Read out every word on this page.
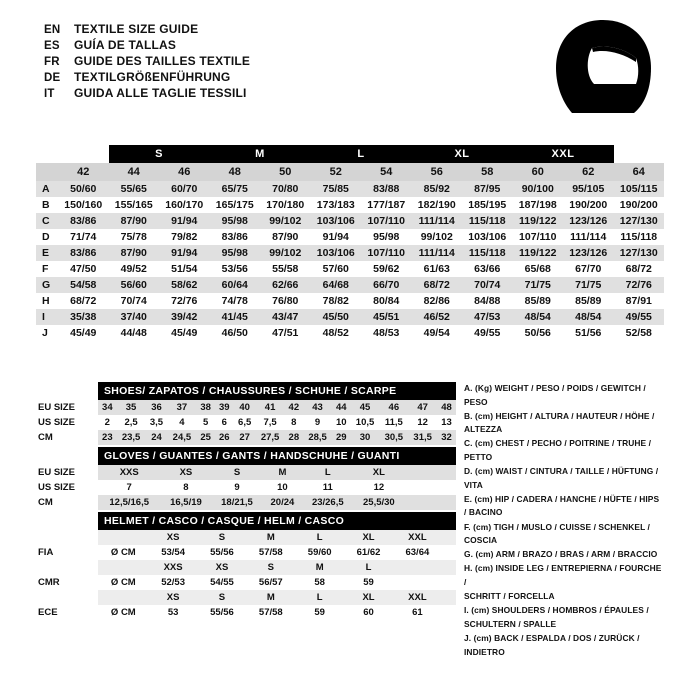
EN	TEXTILE SIZE GUIDE
ES	GUÍA DE TALLAS
FR	GUIDE DES TAILLES TEXTILE
DE	TEXTILGRÖßENFÜHRUNG
IT	GUIDA ALLE TAGLIE TESSILI
		S		M		L		XL		XXL		
	42	44	46	48	50	52	54	56	58	60	62	64
A	50/60	55/65	60/70	65/75	70/80	75/85	83/88	85/92	87/95	90/100	95/105	105/115
B	150/160	155/165	160/170	165/175	170/180	173/183	177/187	182/190	185/195	187/198	190/200	190/200
C	83/86	87/90	91/94	95/98	99/102	103/106	107/110	111/114	115/118	119/122	123/126	127/130
D	71/74	75/78	79/82	83/86	87/90	91/94	95/98	99/102	103/106	107/110	111/114	115/118
E	83/86	87/90	91/94	95/98	99/102	103/106	107/110	111/114	115/118	119/122	123/126	127/130
F	47/50	49/52	51/54	53/56	55/58	57/60	59/62	61/63	63/66	65/68	67/70	68/72
G	54/58	56/60	58/62	60/64	62/66	64/68	66/70	68/72	70/74	71/75	71/75	72/76
H	68/72	70/74	72/76	74/78	76/80	78/82	80/84	82/86	84/88	85/89	85/89	87/91
I	35/38	37/40	39/42	41/45	43/47	45/50	45/51	46/52	47/53	48/54	48/54	49/55
J	45/49	44/48	45/49	46/50	47/51	48/52	48/53	49/54	49/55	50/56	51/56	52/58
	SHOES/ ZAPATOS / CHAUSSURES / SCHUHE / SCARPE														
EU SIZE	34	35	36	37	38	39	40	41	42	43	44	45	46	47	48
US SIZE	2	2,5	3,5	4	5	6	6,5	7,5	8	9	10	10,5	11,5	12	13
CM	23	23,5	24	24,5	25	26	27	27,5	28	28,5	29	30	30,5	31,5	32
	GLOVES / GUANTES / GANTS / HANDSCHUHE / GUANTI														
EU SIZE	XXS	XS	S	M	L	XL									
US SIZE	7	8	9	10	11	12									
CM	12,5/16,5	16,5/19	18/21,5	20/24	23/26,5	25,5/30									
	HELMET / CASCO / CASQUE / HELM / CASCO									
		XS	S	M	L	XL	XXL			
FIA	Ø CM	53/54	55/56	57/58	59/60	61/62	63/64			
		XXS	XS	S	M	L				
CMR	Ø CM	52/53	54/55	56/57	58	59				
		XS	S	M	L	XL	XXL			
ECE	Ø CM	53	55/56	57/58	59	60	61			
A. (Kg) WEIGHT / PESO / POIDS / GEWITCH / PESO
B. (cm) HEIGHT / ALTURA / HAUTEUR / HÖHE / ALTEZZA
C. (cm) CHEST / PECHO / POITRINE / TRUHE / PETTO
D. (cm) WAIST / CINTURA / TAILLE / HÜFTUNG / VITA
E. (cm) HIP / CADERA / HANCHE / HÜFTE / HIPS / BACINO
F. (cm) TIGH / MUSLO / CUISSE / SCHENKEL / COSCIA
G. (cm) ARM / BRAZO / BRAS / ARM / BRACCIO
H. (cm) INSIDE LEG / ENTREPIERNA / FOURCHE /
SCHRITT / FORCELLA
I. (cm) SHOULDERS / HOMBROS / ÉPAULES /
SCHULTERN / SPALLE
J. (cm) BACK / ESPALDA / DOS / ZURÜCK / INDIETRO
